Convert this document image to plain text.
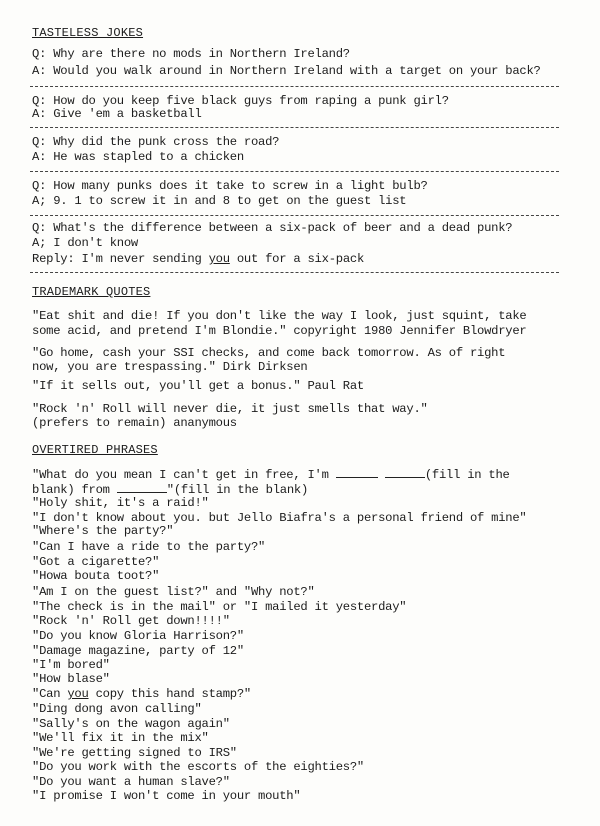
TASTELESS JOKES
Q: Why are there no mods in Northern Ireland?
A: Would you walk around in Northern Ireland with a target on your back?
Q: How do you keep five black guys from raping a punk girl?
A: Give 'em a basketball
Q: Why did the punk cross the road?
A: He was stapled to a chicken
Q: How many punks does it take to screw in a light bulb?
A; 9. 1 to screw it in and 8 to get on the guest list
Q: What's the difference between a six-pack of beer and a dead punk?
A; I don't know
Reply: I'm never sending you out for a six-pack
TRADEMARK QUOTES
"Eat shit and die! If you don't like the way I look, just squint, take
some acid, and pretend I'm Blondie." copyright 1980 Jennifer Blowdryer
"Go home, cash your SSI checks, and come back tomorrow. As of right
now, you are trespassing." Dirk Dirksen
"If it sells out, you'll get a bonus." Paul Rat
"Rock 'n' Roll will never die, it just smells that way."
(prefers to remain) ananymous
OVERTIRED PHRASES
"What do you mean I can't get in free, I'm	(fill in the
blank) from	"(fill in the blank)
"Holy shit, it's a raid!"
"I don't know about you. but Jello Biafra's a personal friend of mine"
"Where's the party?"
"Can I have a ride to the party?"
"Got a cigarette?"
"Howa bouta toot?"
"Am I on the guest list?" and "Why not?"
"The check is in the mail" or "I mailed it yesterday"
"Rock 'n' Roll get down!!!!"
"Do you know Gloria Harrison?"
"Damage magazine, party of 12"
"I'm bored"
"How blase"
"Can you copy this hand stamp?"
"Ding dong avon calling"
"Sally's on the wagon again"
"We'll fix it in the mix"
"We're getting signed to IRS"
"Do you work with the escorts of the eighties?"
"Do you want a human slave?"
"I promise I won't come in your mouth"
